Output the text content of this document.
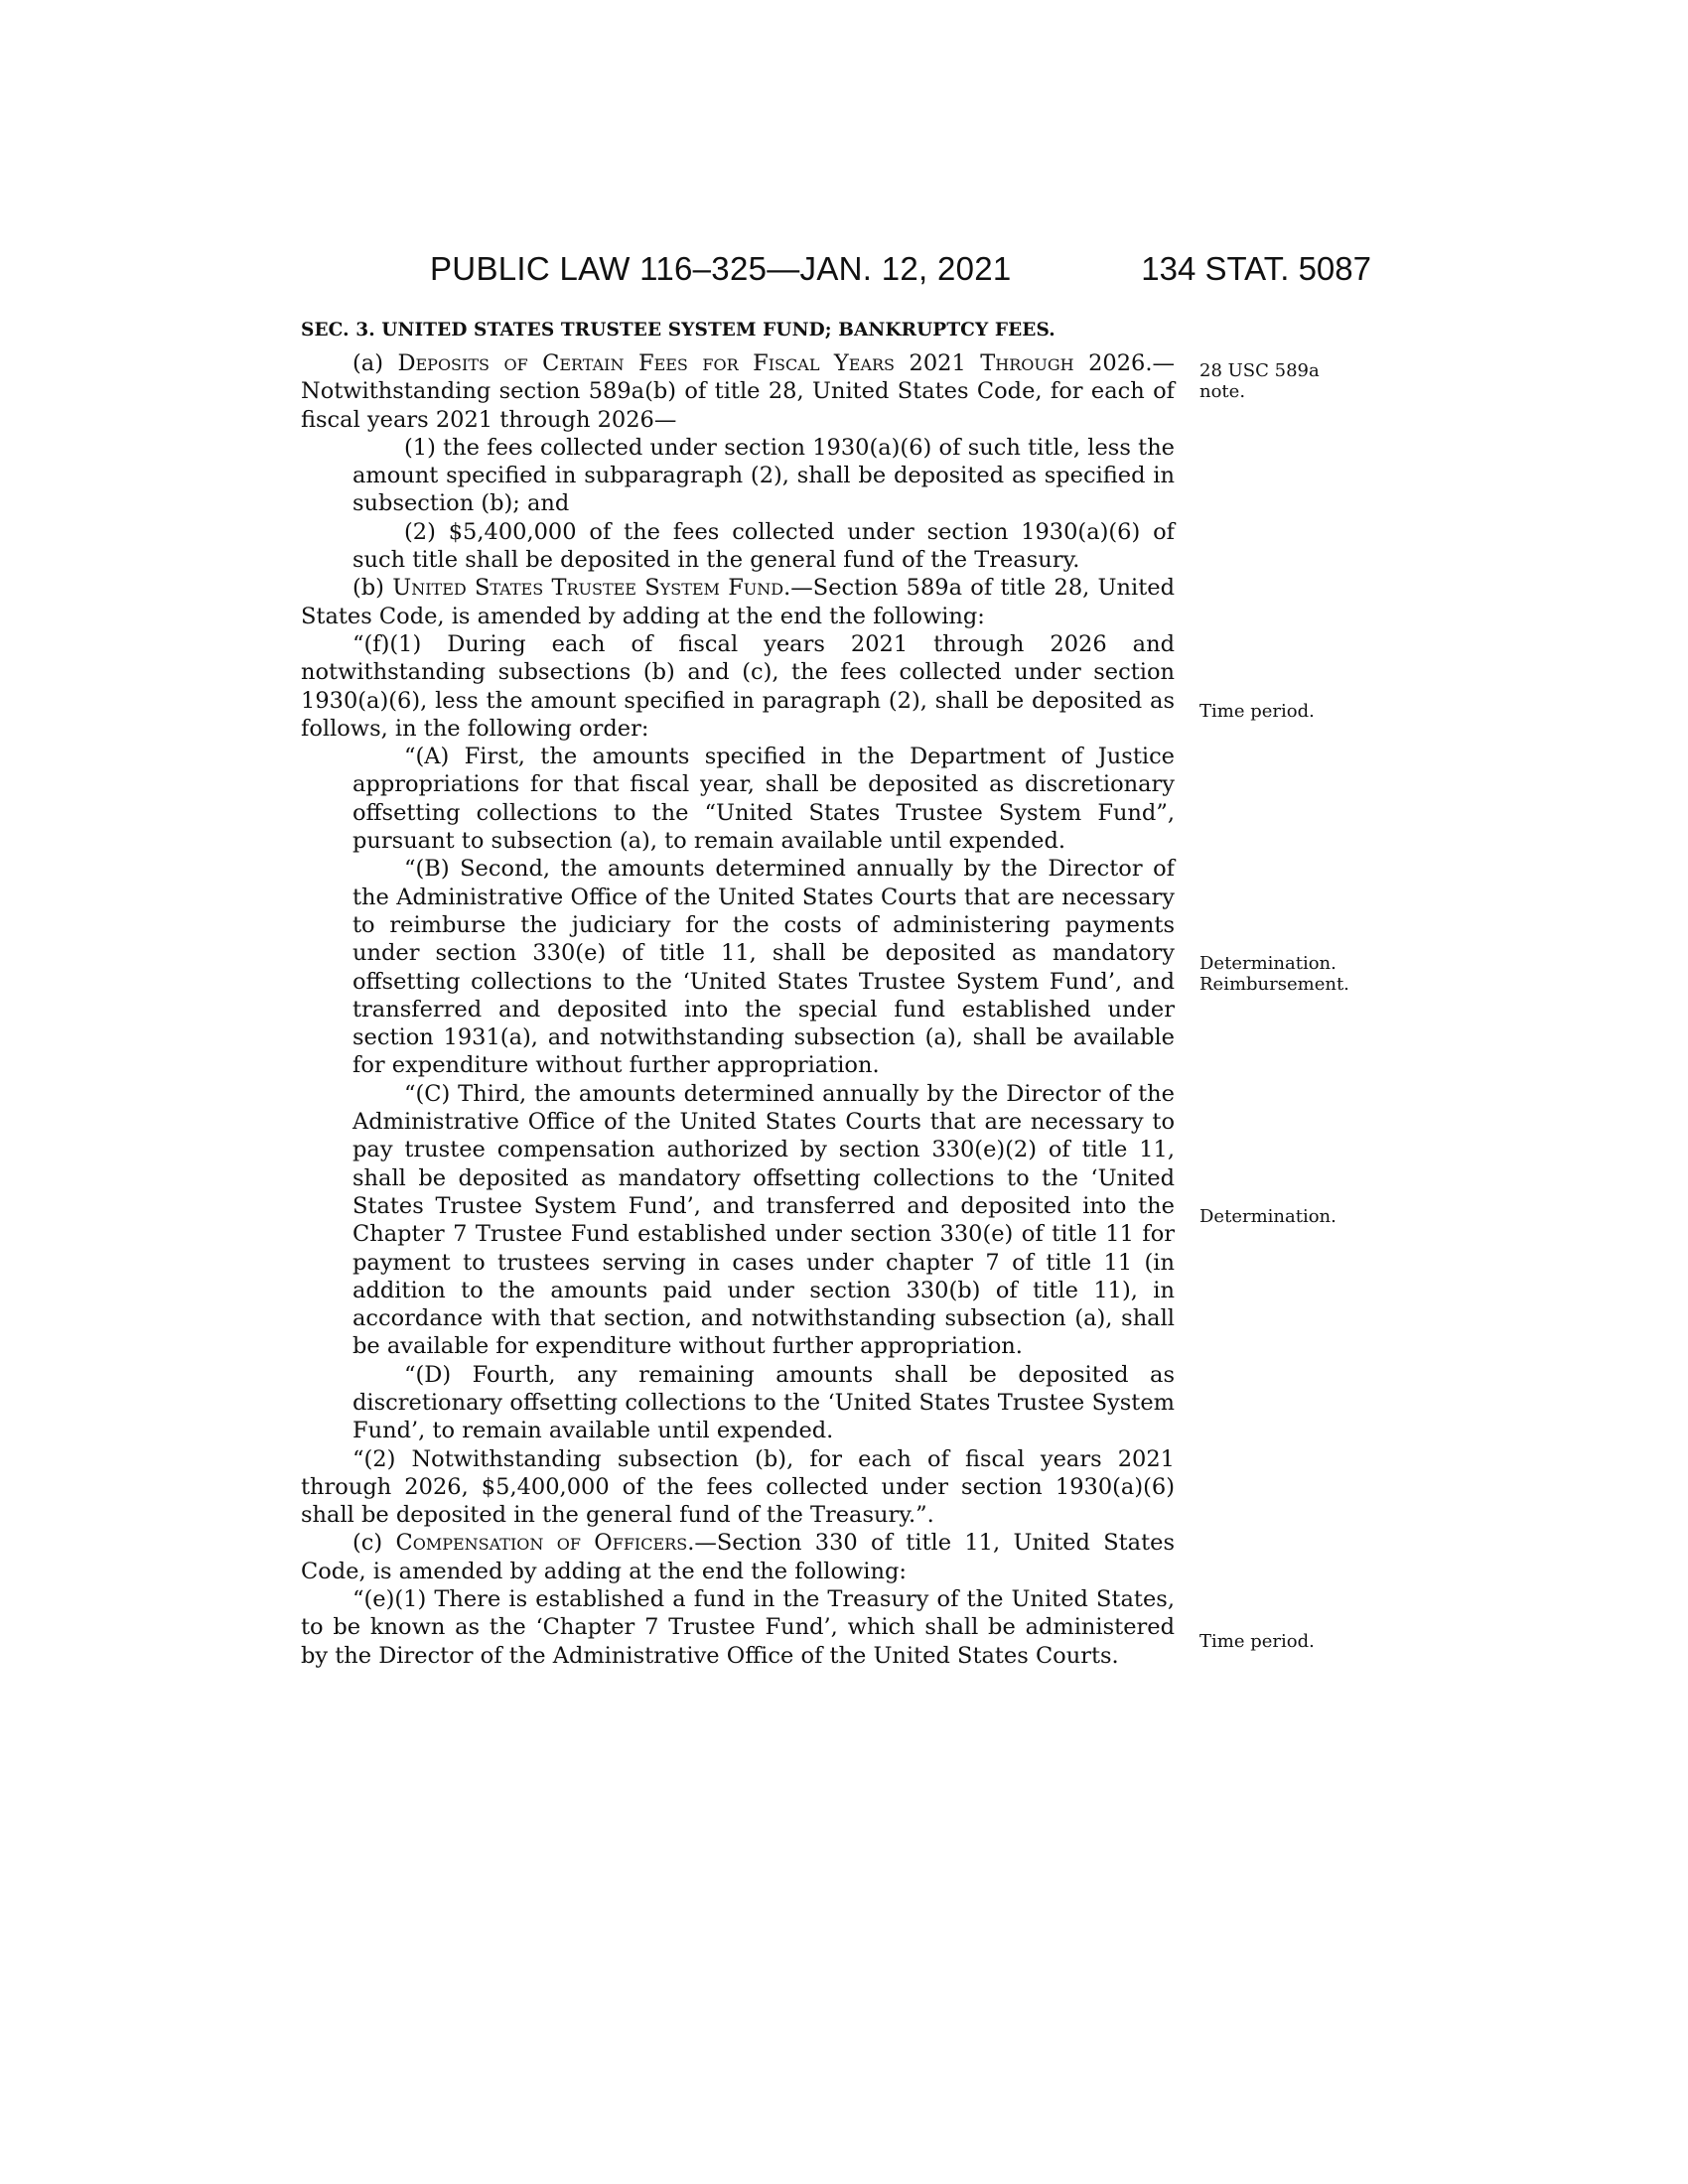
PUBLIC LAW 116–325—JAN. 12, 2021	134 STAT. 5087
SEC. 3. UNITED STATES TRUSTEE SYSTEM FUND; BANKRUPTCY FEES.

(a) Deposits of Certain Fees for Fiscal Years 2021 Through 2026.—Notwithstanding section 589a(b) of title 28, United States Code, for each of fiscal years 2021 through 2026—

(1) the fees collected under section 1930(a)(6) of such title, less the amount specified in subparagraph (2), shall be deposited as specified in subsection (b); and

(2) $5,400,000 of the fees collected under section 1930(a)(6) of such title shall be deposited in the general fund of the Treasury.

(b) United States Trustee System Fund.—Section 589a of title 28, United States Code, is amended by adding at the end the following:

“(f)(1) During each of fiscal years 2021 through 2026 and notwithstanding subsections (b) and (c), the fees collected under section 1930(a)(6), less the amount specified in paragraph (2), shall be deposited as follows, in the following order:

“(A) First, the amounts specified in the Department of Justice appropriations for that fiscal year, shall be deposited as discretionary offsetting collections to the “United States Trustee System Fund”, pursuant to subsection (a), to remain available until expended.

“(B) Second, the amounts determined annually by the Director of the Administrative Office of the United States Courts that are necessary to reimburse the judiciary for the costs of administering payments under section 330(e) of title 11, shall be deposited as mandatory offsetting collections to the ‘United States Trustee System Fund’, and transferred and deposited into the special fund established under section 1931(a), and notwithstanding subsection (a), shall be available for expenditure without further appropriation.

“(C) Third, the amounts determined annually by the Director of the Administrative Office of the United States Courts that are necessary to pay trustee compensation authorized by section 330(e)(2) of title 11, shall be deposited as mandatory offsetting collections to the ‘United States Trustee System Fund’, and transferred and deposited into the Chapter 7 Trustee Fund established under section 330(e) of title 11 for payment to trustees serving in cases under chapter 7 of title 11 (in addition to the amounts paid under section 330(b) of title 11), in accordance with that section, and notwithstanding subsection (a), shall be available for expenditure without further appropriation.

“(D) Fourth, any remaining amounts shall be deposited as discretionary offsetting collections to the ‘United States Trustee System Fund’, to remain available until expended.

“(2) Notwithstanding subsection (b), for each of fiscal years 2021 through 2026, $5,400,000 of the fees collected under section 1930(a)(6) shall be deposited in the general fund of the Treasury.”.

(c) Compensation of Officers.—Section 330 of title 11, United States Code, is amended by adding at the end the following:

“(e)(1) There is established a fund in the Treasury of the United States, to be known as the ‘Chapter 7 Trustee Fund’, which shall be administered by the Director of the Administrative Office of the United States Courts.

28 USC 589a
note.
Time period.
Determination.
Reimbursement.
Determination.
Time period.
